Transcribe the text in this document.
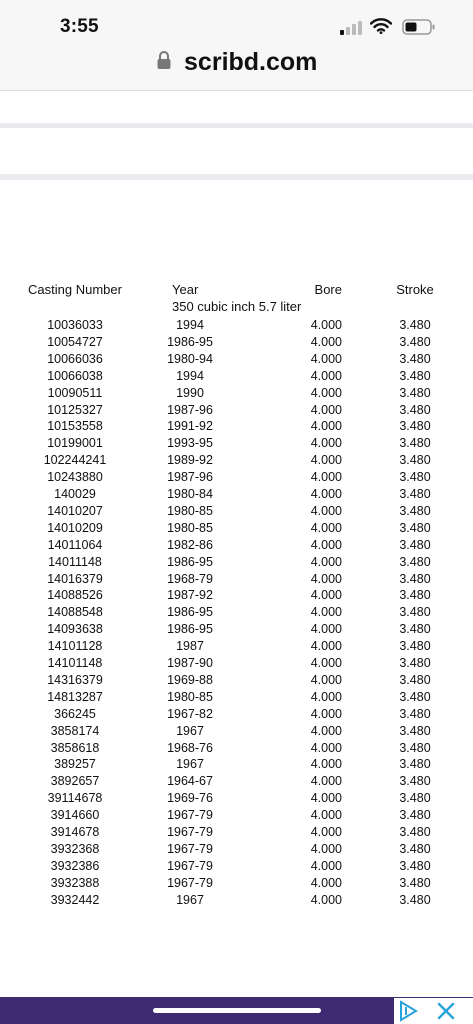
3:55
scribd.com
Casting Number	Year	Bore	Stroke
350 cubic inch 5.7 liter
10036033	1994	4.000	3.480
10054727	1986-95	4.000	3.480
10066036	1980-94	4.000	3.480
10066038	1994	4.000	3.480
10090511	1990	4.000	3.480
10125327	1987-96	4.000	3.480
10153558	1991-92	4.000	3.480
10199001	1993-95	4.000	3.480
102244241	1989-92	4.000	3.480
10243880	1987-96	4.000	3.480
140029	1980-84	4.000	3.480
14010207	1980-85	4.000	3.480
14010209	1980-85	4.000	3.480
14011064	1982-86	4.000	3.480
14011148	1986-95	4.000	3.480
14016379	1968-79	4.000	3.480
14088526	1987-92	4.000	3.480
14088548	1986-95	4.000	3.480
14093638	1986-95	4.000	3.480
14101128	1987	4.000	3.480
14101148	1987-90	4.000	3.480
14316379	1969-88	4.000	3.480
14813287	1980-85	4.000	3.480
366245	1967-82	4.000	3.480
3858174	1967	4.000	3.480
3858618	1968-76	4.000	3.480
389257	1967	4.000	3.480
3892657	1964-67	4.000	3.480
39114678	1969-76	4.000	3.480
3914660	1967-79	4.000	3.480
3914678	1967-79	4.000	3.480
3932368	1967-79	4.000	3.480
3932386	1967-79	4.000	3.480
3932388	1967-79	4.000	3.480
3932442	1967	4.000	3.480
